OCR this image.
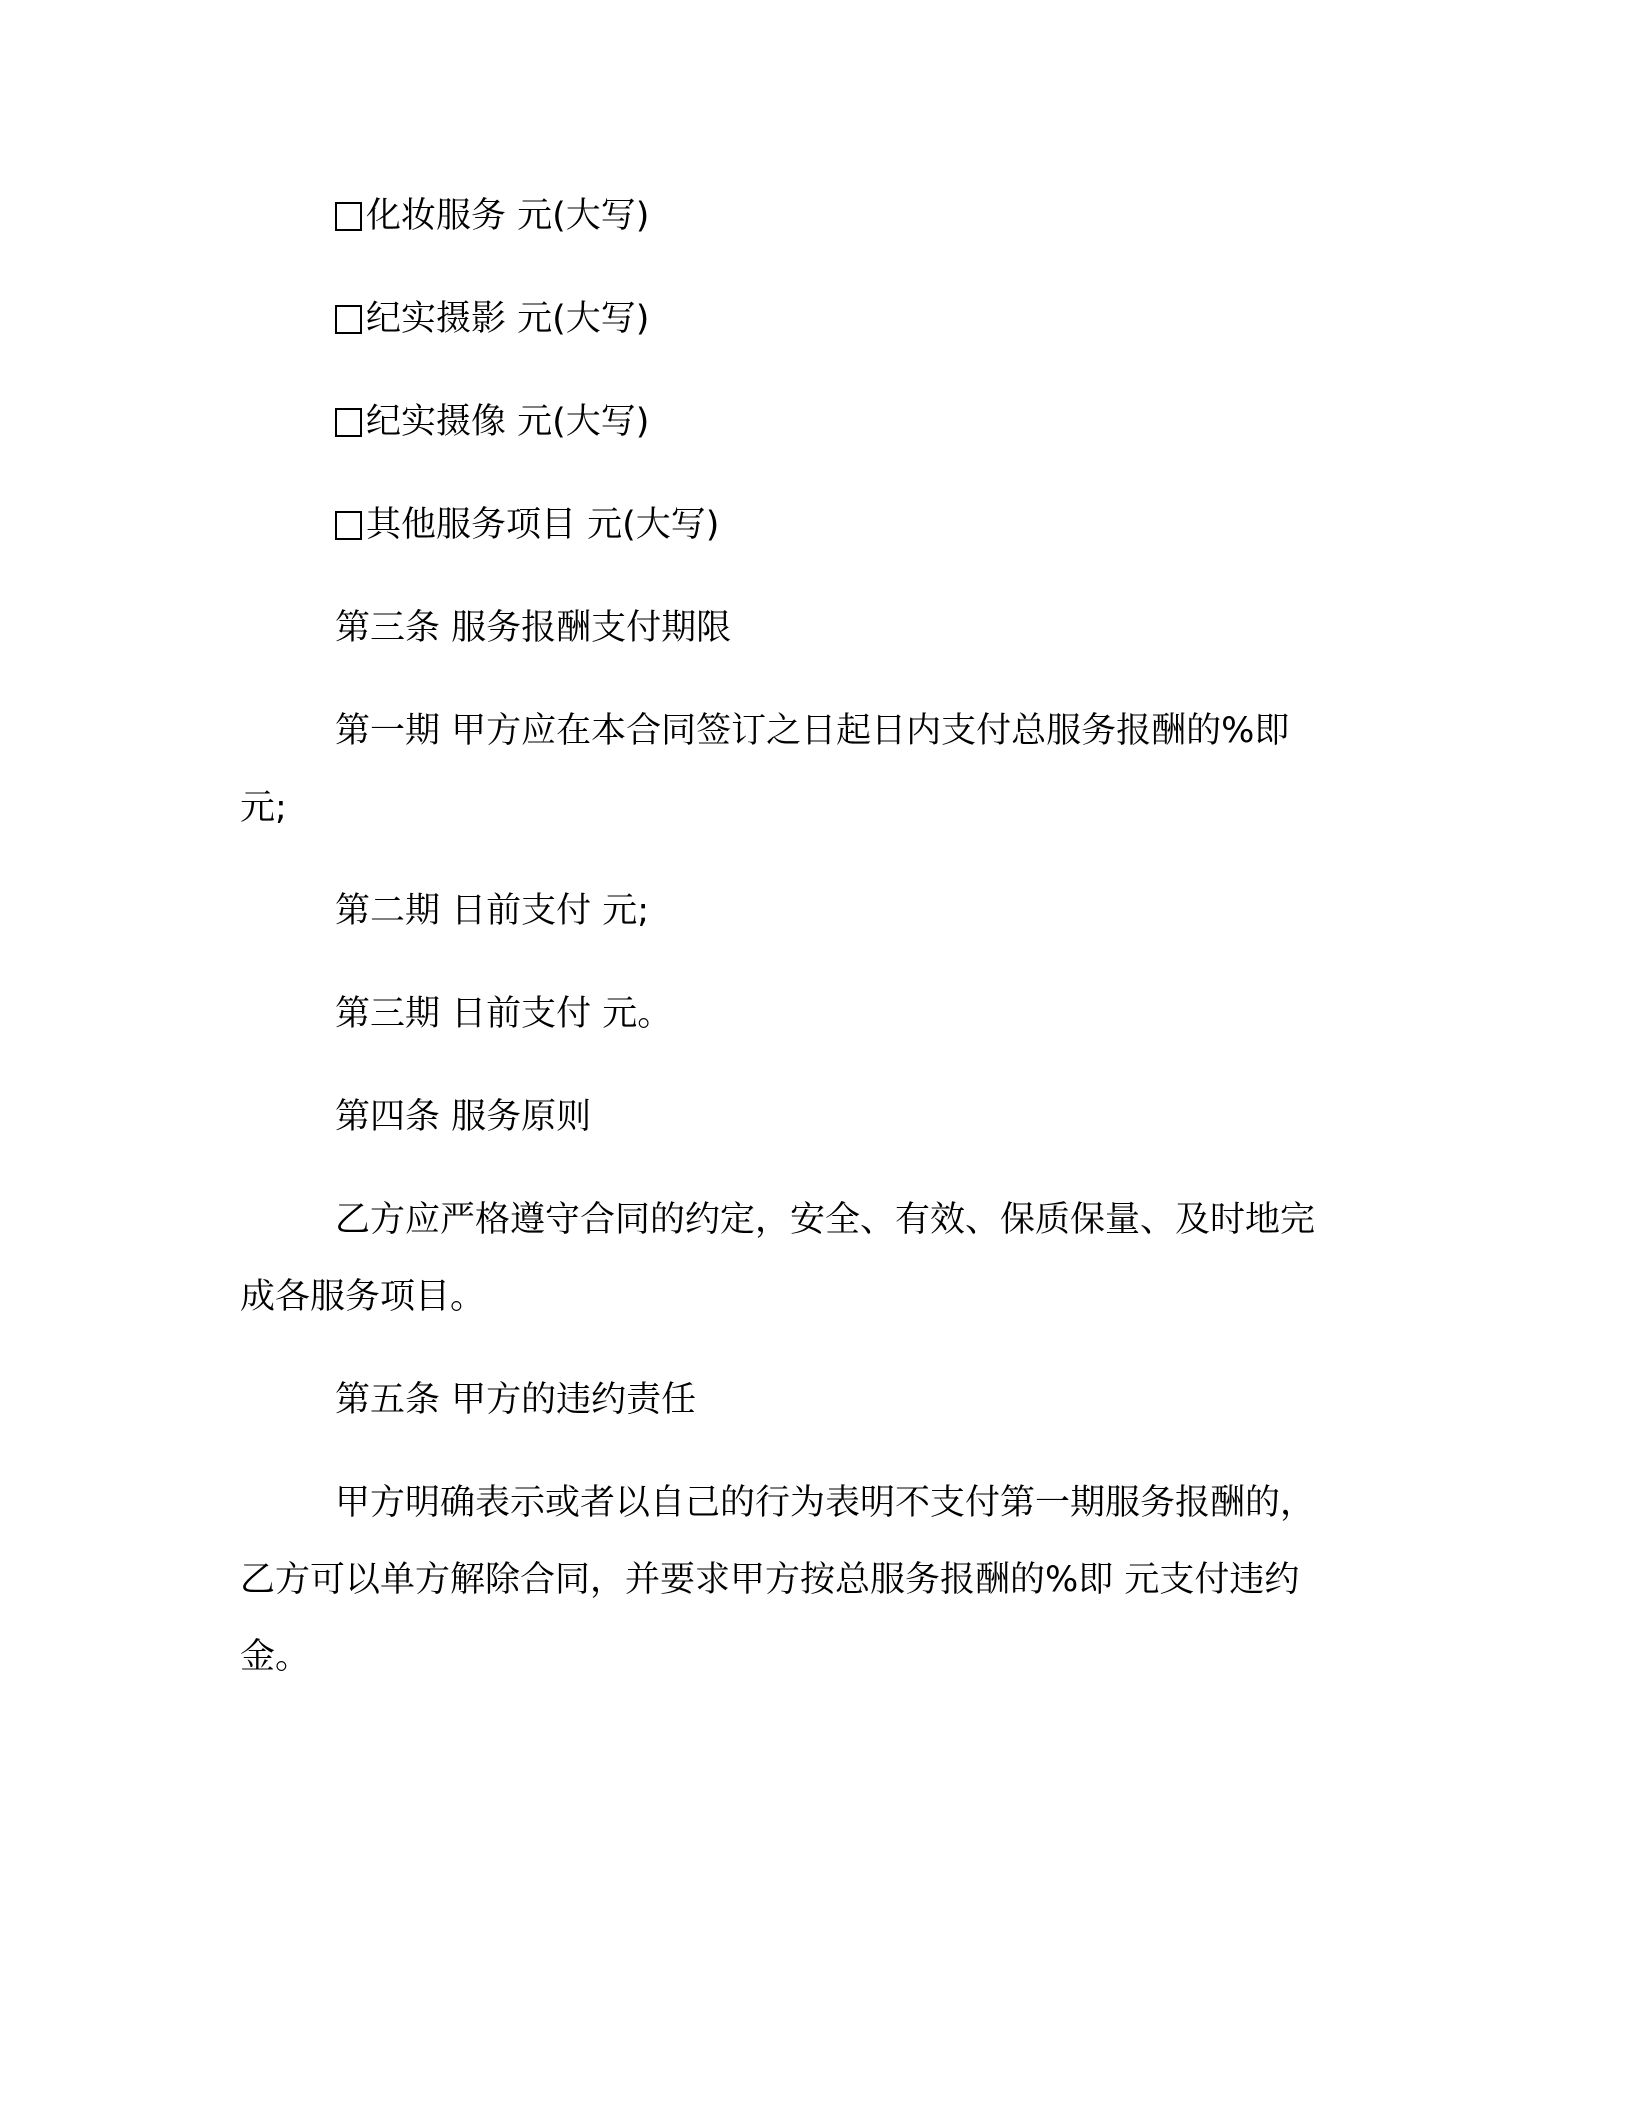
化妆服务 元(大写)
纪实摄影 元(大写)
纪实摄像 元(大写)
其他服务项目 元(大写)
第三条 服务报酬支付期限
第一期 甲方应在本合同签订之日起日内支付总服务报酬的%即
元;
第二期 日前支付 元;
第三期 日前支付 元。
第四条 服务原则
乙方应严格遵守合同的约定，安全、有效、保质保量、及时地完
成各服务项目。
第五条 甲方的违约责任
甲方明确表示或者以自己的行为表明不支付第一期服务报酬的，
乙方可以单方解除合同，并要求甲方按总服务报酬的%即 元支付违约
金。
